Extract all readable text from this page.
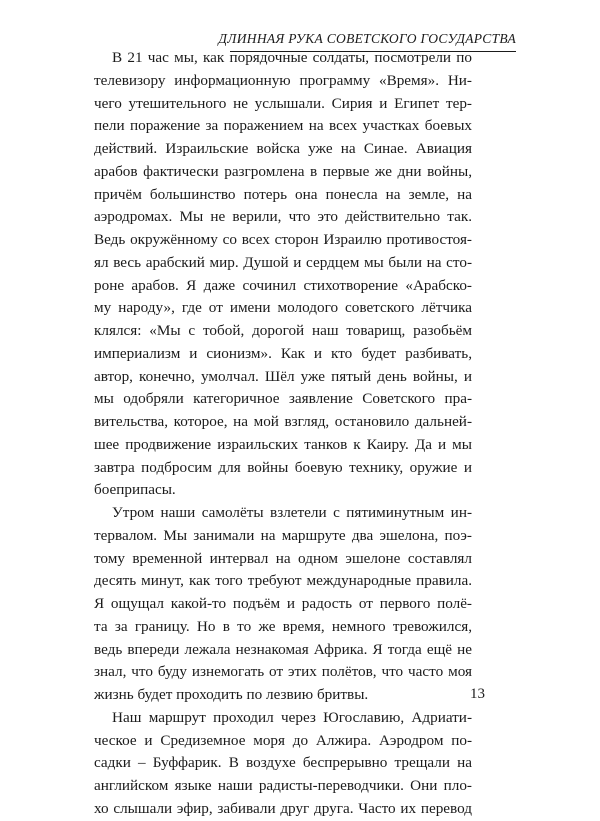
ДЛИННАЯ РУКА СОВЕТСКОГО ГОСУДАРСТВА
В 21 час мы, как порядочные солдаты, посмотрели по
телевизору информационную программу «Время». Ни-
чего утешительного не услышали. Сирия и Египет тер-
пели поражение за поражением на всех участках боевых
действий. Израильские войска уже на Синае. Авиация
арабов фактически разгромлена в первые же дни войны,
причём большинство потерь она понесла на земле, на
аэродромах. Мы не верили, что это действительно так.
Ведь окружённому со всех сторон Израилю противостоя-
ял весь арабский мир. Душой и сердцем мы были на сто-
роне арабов. Я даже сочинил стихотворение «Арабско-
му народу», где от имени молодого советского лётчика
клялся: «Мы с тобой, дорогой наш товарищ, разобьём
империализм и сионизм». Как и кто будет разбивать,
автор, конечно, умолчал. Шёл уже пятый день войны, и
мы одобряли категоричное заявление Советского пра-
вительства, которое, на мой взгляд, остановило дальней-
шее продвижение израильских танков к Каиру. Да и мы
завтра подбросим для войны боевую технику, оружие и
боеприпасы.
Утром наши самолёты взлетели с пятиминутным ин-
тервалом. Мы занимали на маршруте два эшелона, поэ-
тому временной интервал на одном эшелоне составлял
десять минут, как того требуют международные правила.
Я ощущал какой-то подъём и радость от первого полё-
та за границу. Но в то же время, немного тревожился,
ведь впереди лежала незнакомая Африка. Я тогда ещё не
знал, что буду изнемогать от этих полётов, что часто моя
жизнь будет проходить по лезвию бритвы.
Наш маршрут проходил через Югославию, Адриати-
ческое и Средиземное моря до Алжира. Аэродром по-
садки – Буффарик. В воздухе беспрерывно трещали на
английском языке наши радисты-переводчики. Они пло-
хо слышали эфир, забивали друг друга. Часто их перевод
13
